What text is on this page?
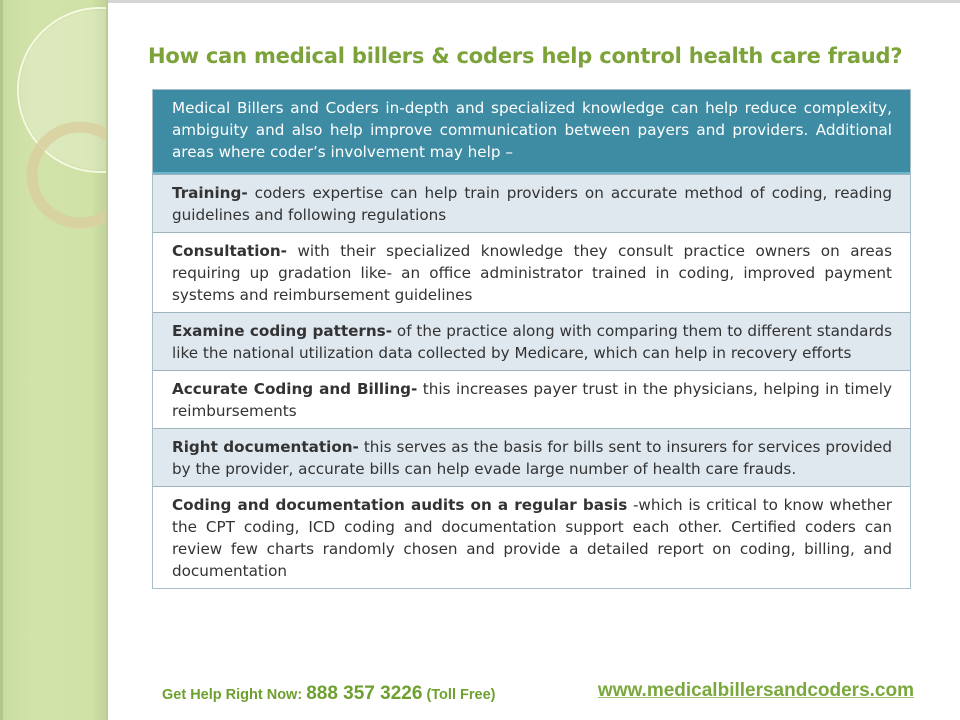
How can medical billers & coders help control health care fraud?
Medical Billers and Coders in-depth and specialized knowledge can help reduce complexity, ambiguity and also help improve communication between payers and providers. Additional areas where coder’s involvement may help –
Training- coders expertise can help train providers on accurate method of coding, reading guidelines and following regulations
Consultation- with their specialized knowledge they consult practice owners on areas requiring up gradation like- an office administrator trained in coding, improved payment systems and reimbursement guidelines
Examine coding patterns- of the practice along with comparing them to different standards like the national utilization data collected by Medicare, which can help in recovery efforts
Accurate Coding and Billing- this increases payer trust in the physicians, helping in timely reimbursements
Right documentation- this serves as the basis for bills sent to insurers for services provided by the provider, accurate bills can help evade large number of health care frauds.
Coding and documentation audits on a regular basis -which is critical to know whether the CPT coding, ICD coding and documentation support each other. Certified coders can review few charts randomly chosen and provide a detailed report on coding, billing, and documentation
Get Help Right Now: 888 357 3226 (Toll Free)	www.medicalbillersandcoders.com
